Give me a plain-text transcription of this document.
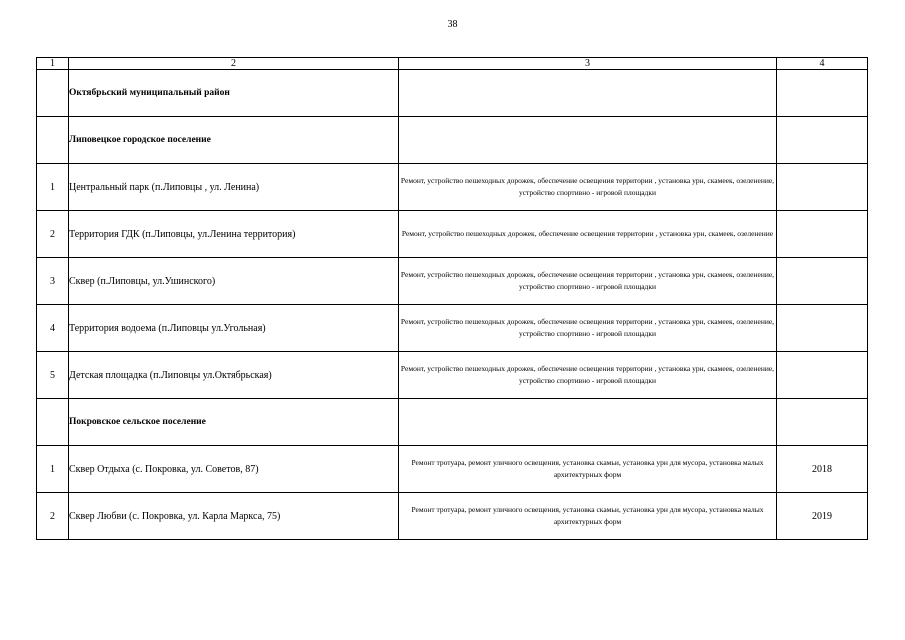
38
1	2	3	4
	Октябрьский муниципальный район		
	Липовецкое городское поселение		
1	Центральный парк (п.Липовцы , ул. Ленина)	Ремонт, устройство пешеходных дорожек, обеспечение освещения территории , установка урн, скамеек, озеленение, устройство спортивно - игровой площадки	
2	Территория ГДК (п.Липовцы, ул.Ленина территория)	Ремонт, устройство пешеходных дорожек, обеспечение освещения территории , установка урн, скамеек, озеленение	
3	Сквер (п.Липовцы, ул.Ушинского)	Ремонт, устройство пешеходных дорожек, обеспечение освещения территории , установка урн, скамеек, озеленение, устройство спортивно - игровой площадки	
4	Территория водоема (п.Липовцы ул.Угольная)	Ремонт, устройство пешеходных дорожек, обеспечение освещения территории , установка урн, скамеек, озеленение, устройство спортивно - игровой площадки	
5	Детская площадка (п.Липовцы ул.Октябрьская)	Ремонт, устройство пешеходных дорожек, обеспечение освещения территории , установка урн, скамеек, озеленение, устройство спортивно - игровой площадки	
	Покровское сельское поселение		
1	Сквер Отдыха (с. Покровка, ул. Советов, 87)	Ремонт тротуара, ремонт уличного освещения, установка скамьи, установка урн для мусора, установка малых архитектурных форм	2018
2	Сквер Любви (с. Покровка, ул. Карла Маркса, 75)	Ремонт тротуара, ремонт уличного освещения, установка скамьи, установка урн для мусора, установка малых архитектурных форм	2019
